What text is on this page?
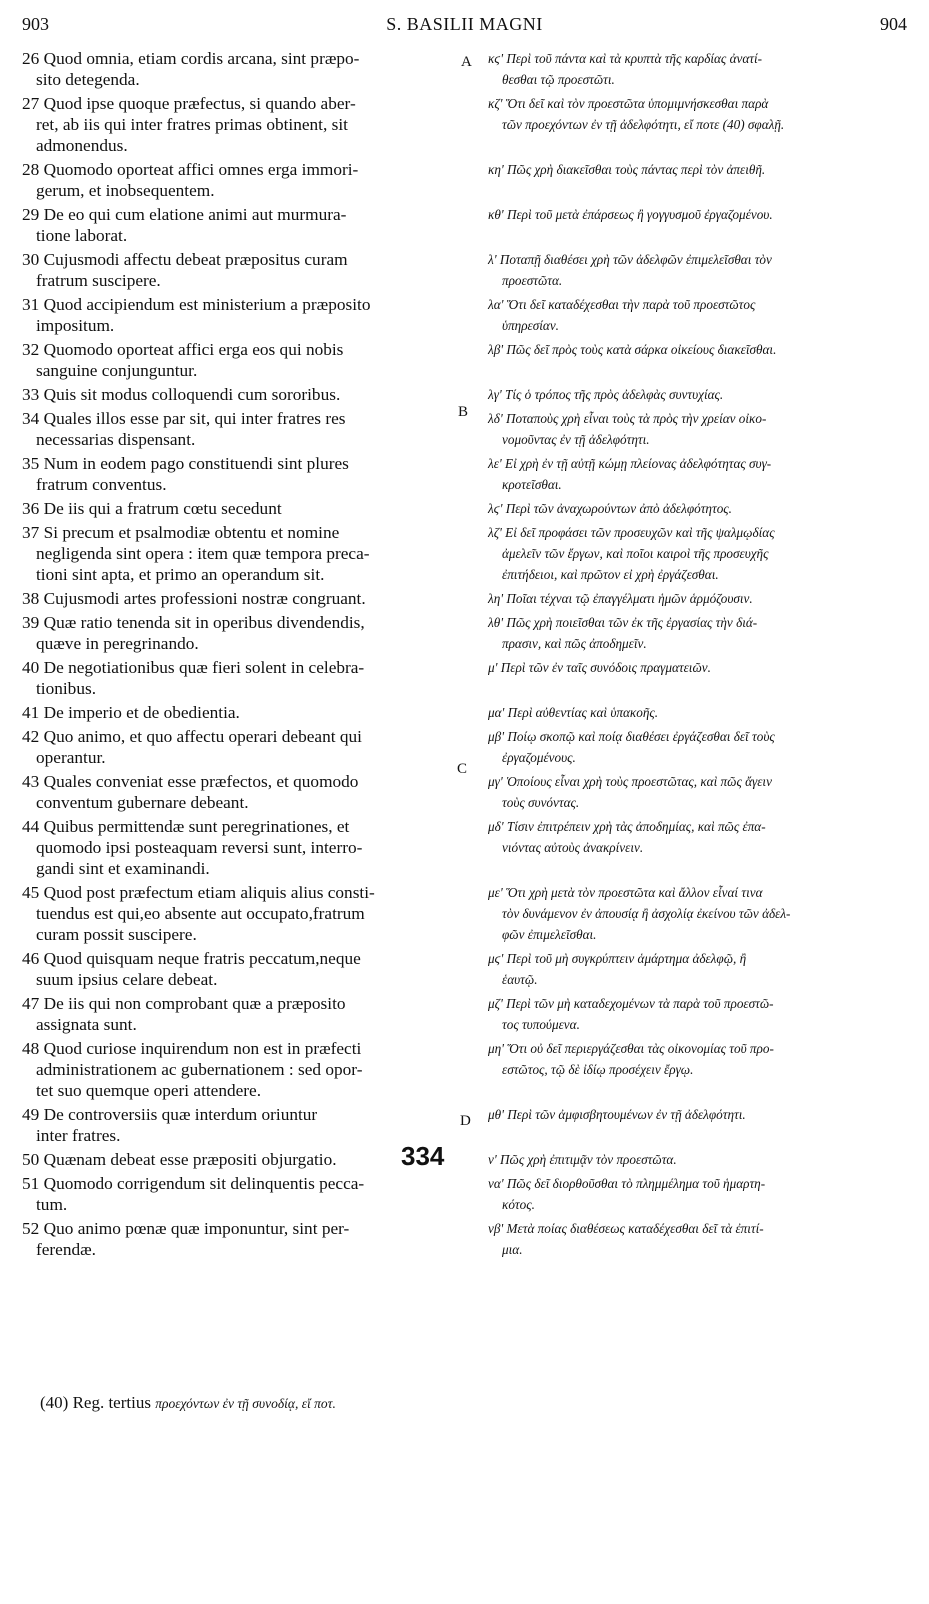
903	S. BASILII MAGNI	904
26 Quod omnia, etiam cordis arcana, sint præpo-
sito detegenda.
27 Quod ipse quoque præfectus, si quando aber-
ret, ab iis qui inter fratres primas obtinent, sit
admonendus.
28 Quomodo oporteat affici omnes erga immori-
gerum, et inobsequentem.
29 De eo qui cum elatione animi aut murmura-
tione laborat.
30 Cujusmodi affectu debeat præpositus curam
fratrum suscipere.
31 Quod accipiendum est ministerium a præposito
impositum.
32 Quomodo oporteat affici erga eos qui nobis
sanguine conjunguntur.
33 Quis sit modus colloquendi cum sororibus.
34 Quales illos esse par sit, qui inter fratres res
necessarias dispensant.
35 Num in eodem pago constituendi sint plures
fratrum conventus.
36 De iis qui a fratrum cœtu secedunt
37 Si precum et psalmodiæ obtentu et nomine
negligenda sint opera : item quæ tempora preca-
tioni sint apta, et primo an operandum sit.
38 Cujusmodi artes professioni nostræ congruant.
39 Quæ ratio tenenda sit in operibus divendendis,
quæve in peregrinando.
40 De negotiationibus quæ fieri solent in celebra-
tionibus.
41 De imperio et de obedientia.
42 Quo animo, et quo affectu operari debeant qui
operantur.
43 Quales conveniat esse præfectos, et quomodo
conventum gubernare debeant.
44 Quibus permittendæ sunt peregrinationes, et
quomodo ipsi posteaquam reversi sunt, interro-
gandi sint et examinandi.
45 Quod post præfectum etiam aliquis alius consti-
tuendus est qui,eo absente aut occupato,fratrum
curam possit suscipere.
46 Quod quisquam neque fratris peccatum,neque
suum ipsius celare debeat.
47 De iis qui non comprobant quæ a præposito
assignata sunt.
48 Quod curiose inquirendum non est in præfecti
administrationem ac gubernationem : sed opor-
tet suo quemque operi attendere.
49 De controversiis quæ interdum oriuntur
inter fratres.
50 Quænam debeat esse præpositi objurgatio.
51 Quomodo corrigendum sit delinquentis pecca-
tum.
52 Quo animo pœnæ quæ imponuntur, sint per-
ferendæ.
κϛ' Περὶ τοῦ πάντα καὶ τὰ κρυπτὰ τῆς καρδίας ἀνατί-
θεσθαι τῷ προεστῶτι.
κζ' Ὅτι δεῖ καὶ τὸν προεστῶτα ὑπομιμνήσκεσθαι παρὰ
τῶν προεχόντων ἐν τῇ ἀδελφότητι, εἴ ποτε (40) σφαλῇ.
κη' Πῶς χρὴ διακεῖσθαι τοὺς πάντας περὶ τὸν ἀπειθῆ.
κθ' Περὶ τοῦ μετὰ ἐπάρσεως ἢ γογγυσμοῦ ἐργαζομένου.
λ' Ποταπῇ διαθέσει χρὴ τῶν ἀδελφῶν ἐπιμελεῖσθαι τὸν
προεστῶτα.
λα' Ὅτι δεῖ καταδέχεσθαι τὴν παρὰ τοῦ προεστῶτος
ὑπηρεσίαν.
λβ' Πῶς δεῖ πρὸς τοὺς κατὰ σάρκα οἰκείους διακεῖσθαι.
λγ' Τίς ὁ τρόπος τῆς πρὸς ἀδελφὰς συντυχίας.
λδ' Ποταποὺς χρὴ εἶναι τοὺς τὰ πρὸς τὴν χρείαν οἰκο-
νομοῦντας ἐν τῇ ἀδελφότητι.
λε' Εἰ χρὴ ἐν τῇ αὐτῇ κώμῃ πλείονας ἀδελφότητας συγ-
κροτεῖσθαι.
λϛ' Περὶ τῶν ἀναχωρούντων ἀπὸ ἀδελφότητος.
λζ' Εἰ δεῖ προφάσει τῶν προσευχῶν καὶ τῆς ψαλμῳδίας
ἀμελεῖν τῶν ἔργων, καὶ ποῖοι καιροὶ τῆς προσευχῆς
ἐπιτήδειοι, καὶ πρῶτον εἰ χρὴ ἐργάζεσθαι.
λη' Ποῖαι τέχναι τῷ ἐπαγγέλματι ἡμῶν ἁρμόζουσιν.
λθ' Πῶς χρὴ ποιεῖσθαι τῶν ἐκ τῆς ἐργασίας τὴν διά-
πρασιν, καὶ πῶς ἀποδημεῖν.
μ' Περὶ τῶν ἐν ταῖς συνόδοις πραγματειῶν.
μα' Περὶ αὐθεντίας καὶ ὑπακοῆς.
μβ' Ποίῳ σκοπῷ καὶ ποίᾳ διαθέσει ἐργάζεσθαι δεῖ τοὺς
ἐργαζομένους.
μγ' Ὁποίους εἶναι χρὴ τοὺς προεστῶτας, καὶ πῶς ἄγειν
τοὺς συνόντας.
μδ' Τίσιν ἐπιτρέπειν χρὴ τὰς ἀποδημίας, καὶ πῶς ἐπα-
νιόντας αὐτοὺς ἀνακρίνειν.
με' Ὅτι χρὴ μετὰ τὸν προεστῶτα καὶ ἄλλον εἶναί τινα
τὸν δυνάμενον ἐν ἀπουσίᾳ ἢ ἀσχολίᾳ ἐκείνου τῶν ἀδελ-
φῶν ἐπιμελεῖσθαι.
μϛ' Περὶ τοῦ μὴ συγκρύπτειν ἁμάρτημα ἀδελφῷ, ἢ
ἑαυτῷ.
μζ' Περὶ τῶν μὴ καταδεχομένων τὰ παρὰ τοῦ προεστῶ-
τος τυπούμενα.
μη' Ὅτι οὐ δεῖ περιεργάζεσθαι τὰς οἰκονομίας τοῦ προ-
εστῶτος, τῷ δὲ ἰδίῳ προσέχειν ἔργῳ.
μθ' Περὶ τῶν ἀμφισβητουμένων ἐν τῇ ἀδελφότητι.
ν' Πῶς χρὴ ἐπιτιμᾷν τὸν προεστῶτα.
να' Πῶς δεῖ διορθοῦσθαι τὸ πλημμέλημα τοῦ ἡμαρτη-
κότος.
νβ' Μετὰ ποίας διαθέσεως καταδέχεσθαι δεῖ τὰ ἐπιτί-
μια.
A
B
C
D
334
(40) Reg. tertius προεχόντων ἐν τῇ συνοδίᾳ, εἴ ποτ.
